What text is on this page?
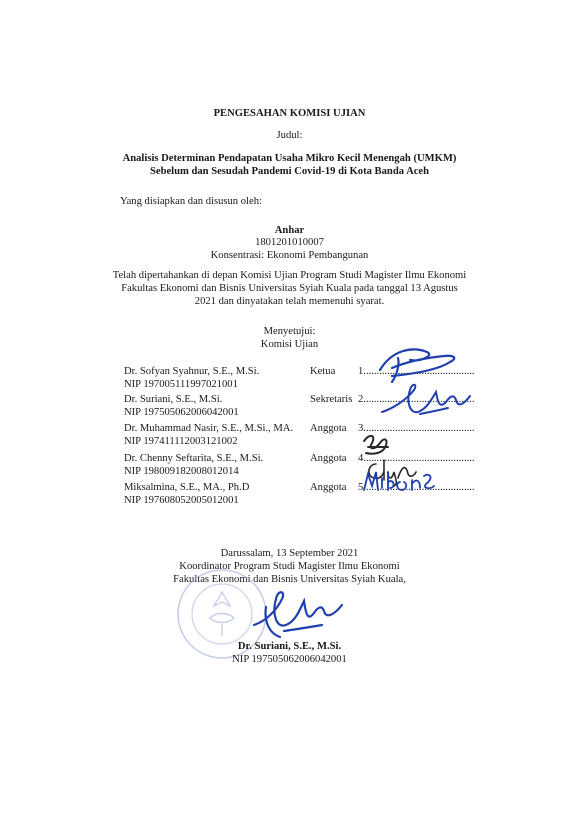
PENGESAHAN KOMISI UJIAN
Judul:
Analisis Determinan Pendapatan Usaha Mikro Kecil Menengah (UMKM)
Sebelum dan Sesudah Pandemi Covid-19 di Kota Banda Aceh
Yang disiapkan dan disusun oleh:
Anhar
1801201010007
Konsentrasi: Ekonomi Pembangunan
Telah dipertahankan di depan Komisi Ujian Program Studi Magister Ilmu Ekonomi
Fakultas Ekonomi dan Bisnis Universitas Syiah Kuala pada tanggal 13 Agustus
2021 dan dinyatakan telah memenuhi syarat.
Menyetujui:
Komisi Ujian
Dr. Sofyan Syahnur, S.E., M.Si.
NIP 197005111997021001
Ketua 1..........................................
Dr. Suriani, S.E., M.Si.
NIP 197505062006042001
Sekretaris 2..........................................
Dr. Muhammad Nasir, S.E., M.Si., MA.
NIP 197411112003121002
Anggota 3..........................................
Dr. Chenny Seftarita, S.E., M.Si.
NIP 198009182008012014
Anggota 4..........................................
Miksalmina, S.E., MA., Ph.D
NIP 197608052005012001
Anggota 5..........................................
Darussalam, 13 September 2021
Koordinator Program Studi Magister Ilmu Ekonomi
Fakultas Ekonomi dan Bisnis Universitas Syiah Kuala,
Dr. Suriani, S.E., M.Si.
NIP 197505062006042001
